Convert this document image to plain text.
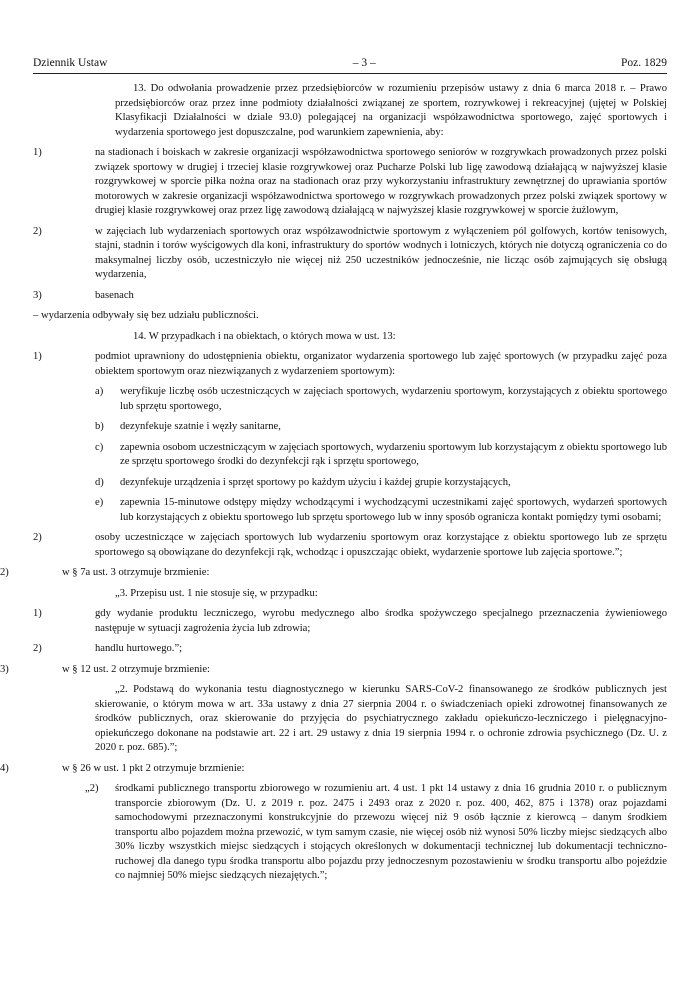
Dziennik Ustaw	– 3 –	Poz. 1829

13. Do odwołania prowadzenie przez przedsiębiorców w rozumieniu przepisów ustawy z dnia 6 marca 2018 r. – Prawo przedsiębiorców oraz przez inne podmioty działalności związanej ze sportem, rozrywkowej i rekreacyjnej (ujętej w Polskiej Klasyfikacji Działalności w dziale 93.0) polegającej na organizacji współzawodnictwa sportowego, zajęć sportowych i wydarzenia sportowego jest dopuszczalne, pod warunkiem zapewnienia, aby:

1)	na stadionach i boiskach w zakresie organizacji współzawodnictwa sportowego seniorów w rozgrywkach prowadzonych przez polski związek sportowy w drugiej i trzeciej klasie rozgrywkowej oraz Pucharze Polski lub ligę zawodową działającą w najwyższej klasie rozgrywkowej w sporcie piłka nożna oraz na stadionach oraz przy wykorzystaniu infrastruktury zewnętrznej do uprawiania sportów motorowych w zakresie organizacji współzawodnictwa sportowego w rozgrywkach prowadzonych przez polski związek sportowy w drugiej klasie rozgrywkowej oraz przez ligę zawodową działającą w najwyższej klasie rozgrywkowej w sporcie żużlowym,
2)	w zajęciach lub wydarzeniach sportowych oraz współzawodnictwie sportowym z wyłączeniem pól golfowych, kortów tenisowych, stajni, stadnin i torów wyścigowych dla koni, infrastruktury do sportów wodnych i lotniczych, których nie dotyczą ograniczenia co do maksymalnej liczby osób, uczestniczyło nie więcej niż 250 uczestników jednocześnie, nie licząc osób zajmujących się obsługą wydarzenia,
3)	basenach

– wydarzenia odbywały się bez udziału publiczności.

14. W przypadkach i na obiektach, o których mowa w ust. 13:

1)	podmiot uprawniony do udostępnienia obiektu, organizator wydarzenia sportowego lub zajęć sportowych (w przypadku zajęć poza obiektem sportowym oraz niezwiązanych z wydarzeniem sportowym):
a) weryfikuje liczbę osób uczestniczących w zajęciach sportowych, wydarzeniu sportowym, korzystających z obiektu sportowego lub sprzętu sportowego,
b) dezynfekuje szatnie i węzły sanitarne,
c) zapewnia osobom uczestniczącym w zajęciach sportowych, wydarzeniu sportowym lub korzystającym z obiektu sportowego lub ze sprzętu sportowego środki do dezynfekcji rąk i sprzętu sportowego,
d) dezynfekuje urządzenia i sprzęt sportowy po każdym użyciu i każdej grupie korzystających,
e) zapewnia 15-minutowe odstępy między wchodzącymi i wychodzącymi uczestnikami zajęć sportowych, wydarzeń sportowych lub korzystających z obiektu sportowego lub sprzętu sportowego lub w inny sposób ogranicza kontakt pomiędzy tymi osobami;
2)	osoby uczestniczące w zajęciach sportowych lub wydarzeniu sportowym oraz korzystające z obiektu sportowego lub ze sprzętu sportowego są obowiązane do dezynfekcji rąk, wchodząc i opuszczając obiekt, wydarzenie sportowe lub zajęcia sportowe.”;
2)	w § 7a ust. 3 otrzymuje brzmienie:

„3. Przepisu ust. 1 nie stosuje się, w przypadku:

1)	gdy wydanie produktu leczniczego, wyrobu medycznego albo środka spożywczego specjalnego przeznaczenia żywieniowego następuje w sytuacji zagrożenia życia lub zdrowia;
2)	handlu hurtowego.”;
3)	w § 12 ust. 2 otrzymuje brzmienie:

„2. Podstawą do wykonania testu diagnostycznego w kierunku SARS-CoV-2 finansowanego ze środków publicznych jest skierowanie, o którym mowa w art. 33a ustawy z dnia 27 sierpnia 2004 r. o świadczeniach opieki zdrowotnej finansowanych ze środków publicznych, oraz skierowanie do przyjęcia do psychiatrycznego zakładu opiekuńczo-leczniczego i pielęgnacyjno-opiekuńczego dokonane na podstawie art. 22 i art. 29 ustawy z dnia 19 sierpnia 1994 r. o ochronie zdrowia psychicznego (Dz. U. z 2020 r. poz. 685).”;

4)	w § 26 w ust. 1 pkt 2 otrzymuje brzmienie:
„2) środkami publicznego transportu zbiorowego w rozumieniu art. 4 ust. 1 pkt 14 ustawy z dnia 16 grudnia 2010 r. o publicznym transporcie zbiorowym (Dz. U. z 2019 r. poz. 2475 i 2493 oraz z 2020 r. poz. 400, 462, 875 i 1378) oraz pojazdami samochodowymi przeznaczonymi konstrukcyjnie do przewozu więcej niż 9 osób łącznie z kierowcą – danym środkiem transportu albo pojazdem można przewozić, w tym samym czasie, nie więcej osób niż wynosi 50% liczby miejsc siedzących albo 30% liczby wszystkich miejsc siedzących i stojących określonych w dokumentacji technicznej lub dokumentacji techniczno-ruchowej dla danego typu środka transportu albo pojazdu przy jednoczesnym pozostawieniu w środku transportu albo pojeździe co najmniej 50% miejsc siedzących niezajętych.”;
